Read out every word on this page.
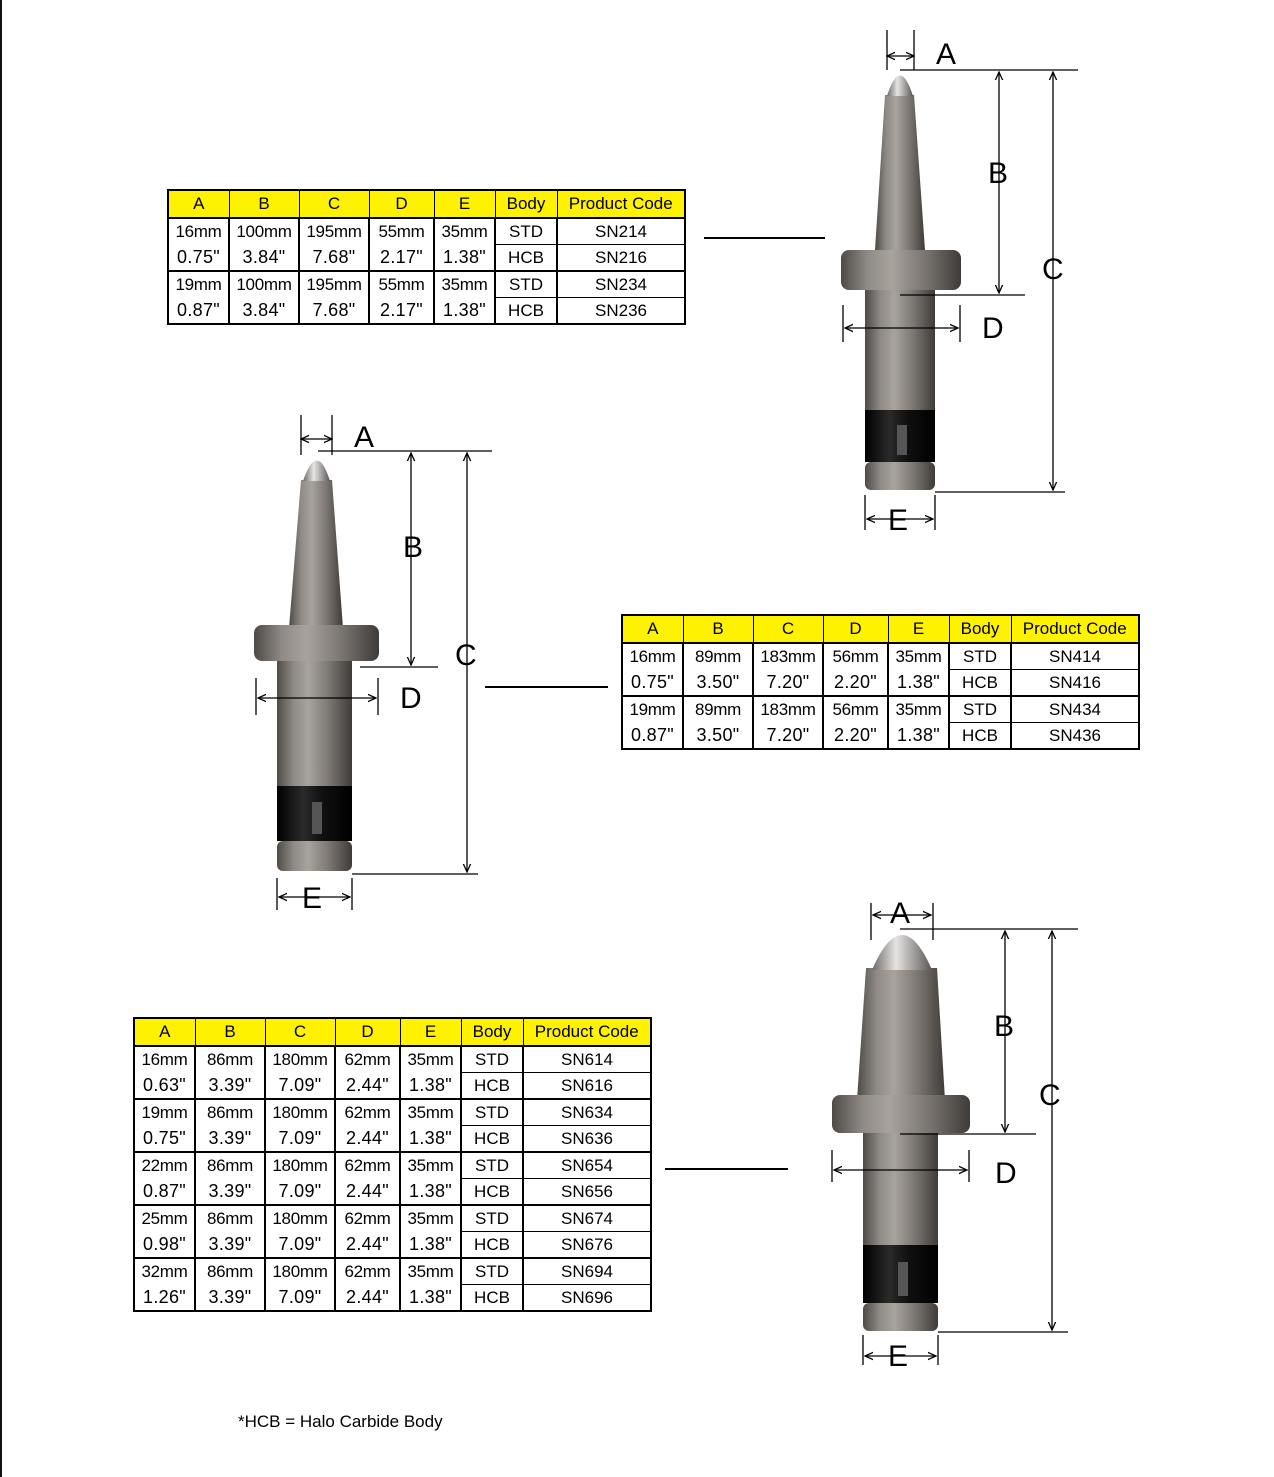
A	B	C	D	E	Body	Product Code
16mm	100mm	195mm	55mm	35mm	STD	SN214
0.75"	3.84"	7.68"	2.17"	1.38"	HCB	SN216
19mm	100mm	195mm	55mm	35mm	STD	SN234
0.87"	3.84"	7.68"	2.17"	1.38"	HCB	SN236
A	B	C	D	E	Body	Product Code
16mm	89mm	183mm	56mm	35mm	STD	SN414
0.75"	3.50"	7.20"	2.20"	1.38"	HCB	SN416
19mm	89mm	183mm	56mm	35mm	STD	SN434
0.87"	3.50"	7.20"	2.20"	1.38"	HCB	SN436
A	B	C	D	E	Body	Product Code
16mm	86mm	180mm	62mm	35mm	STD	SN614
0.63"	3.39"	7.09"	2.44"	1.38"	HCB	SN616
19mm	86mm	180mm	62mm	35mm	STD	SN634
0.75"	3.39"	7.09"	2.44"	1.38"	HCB	SN636
22mm	86mm	180mm	62mm	35mm	STD	SN654
0.87"	3.39"	7.09"	2.44"	1.38"	HCB	SN656
25mm	86mm	180mm	62mm	35mm	STD	SN674
0.98"	3.39"	7.09"	2.44"	1.38"	HCB	SN676
32mm	86mm	180mm	62mm	35mm	STD	SN694
1.26"	3.39"	7.09"	2.44"	1.38"	HCB	SN696
A
B
C
D
E
A
B
C
D
E	A
B
C
D
E
*HCB = Halo Carbide Body
